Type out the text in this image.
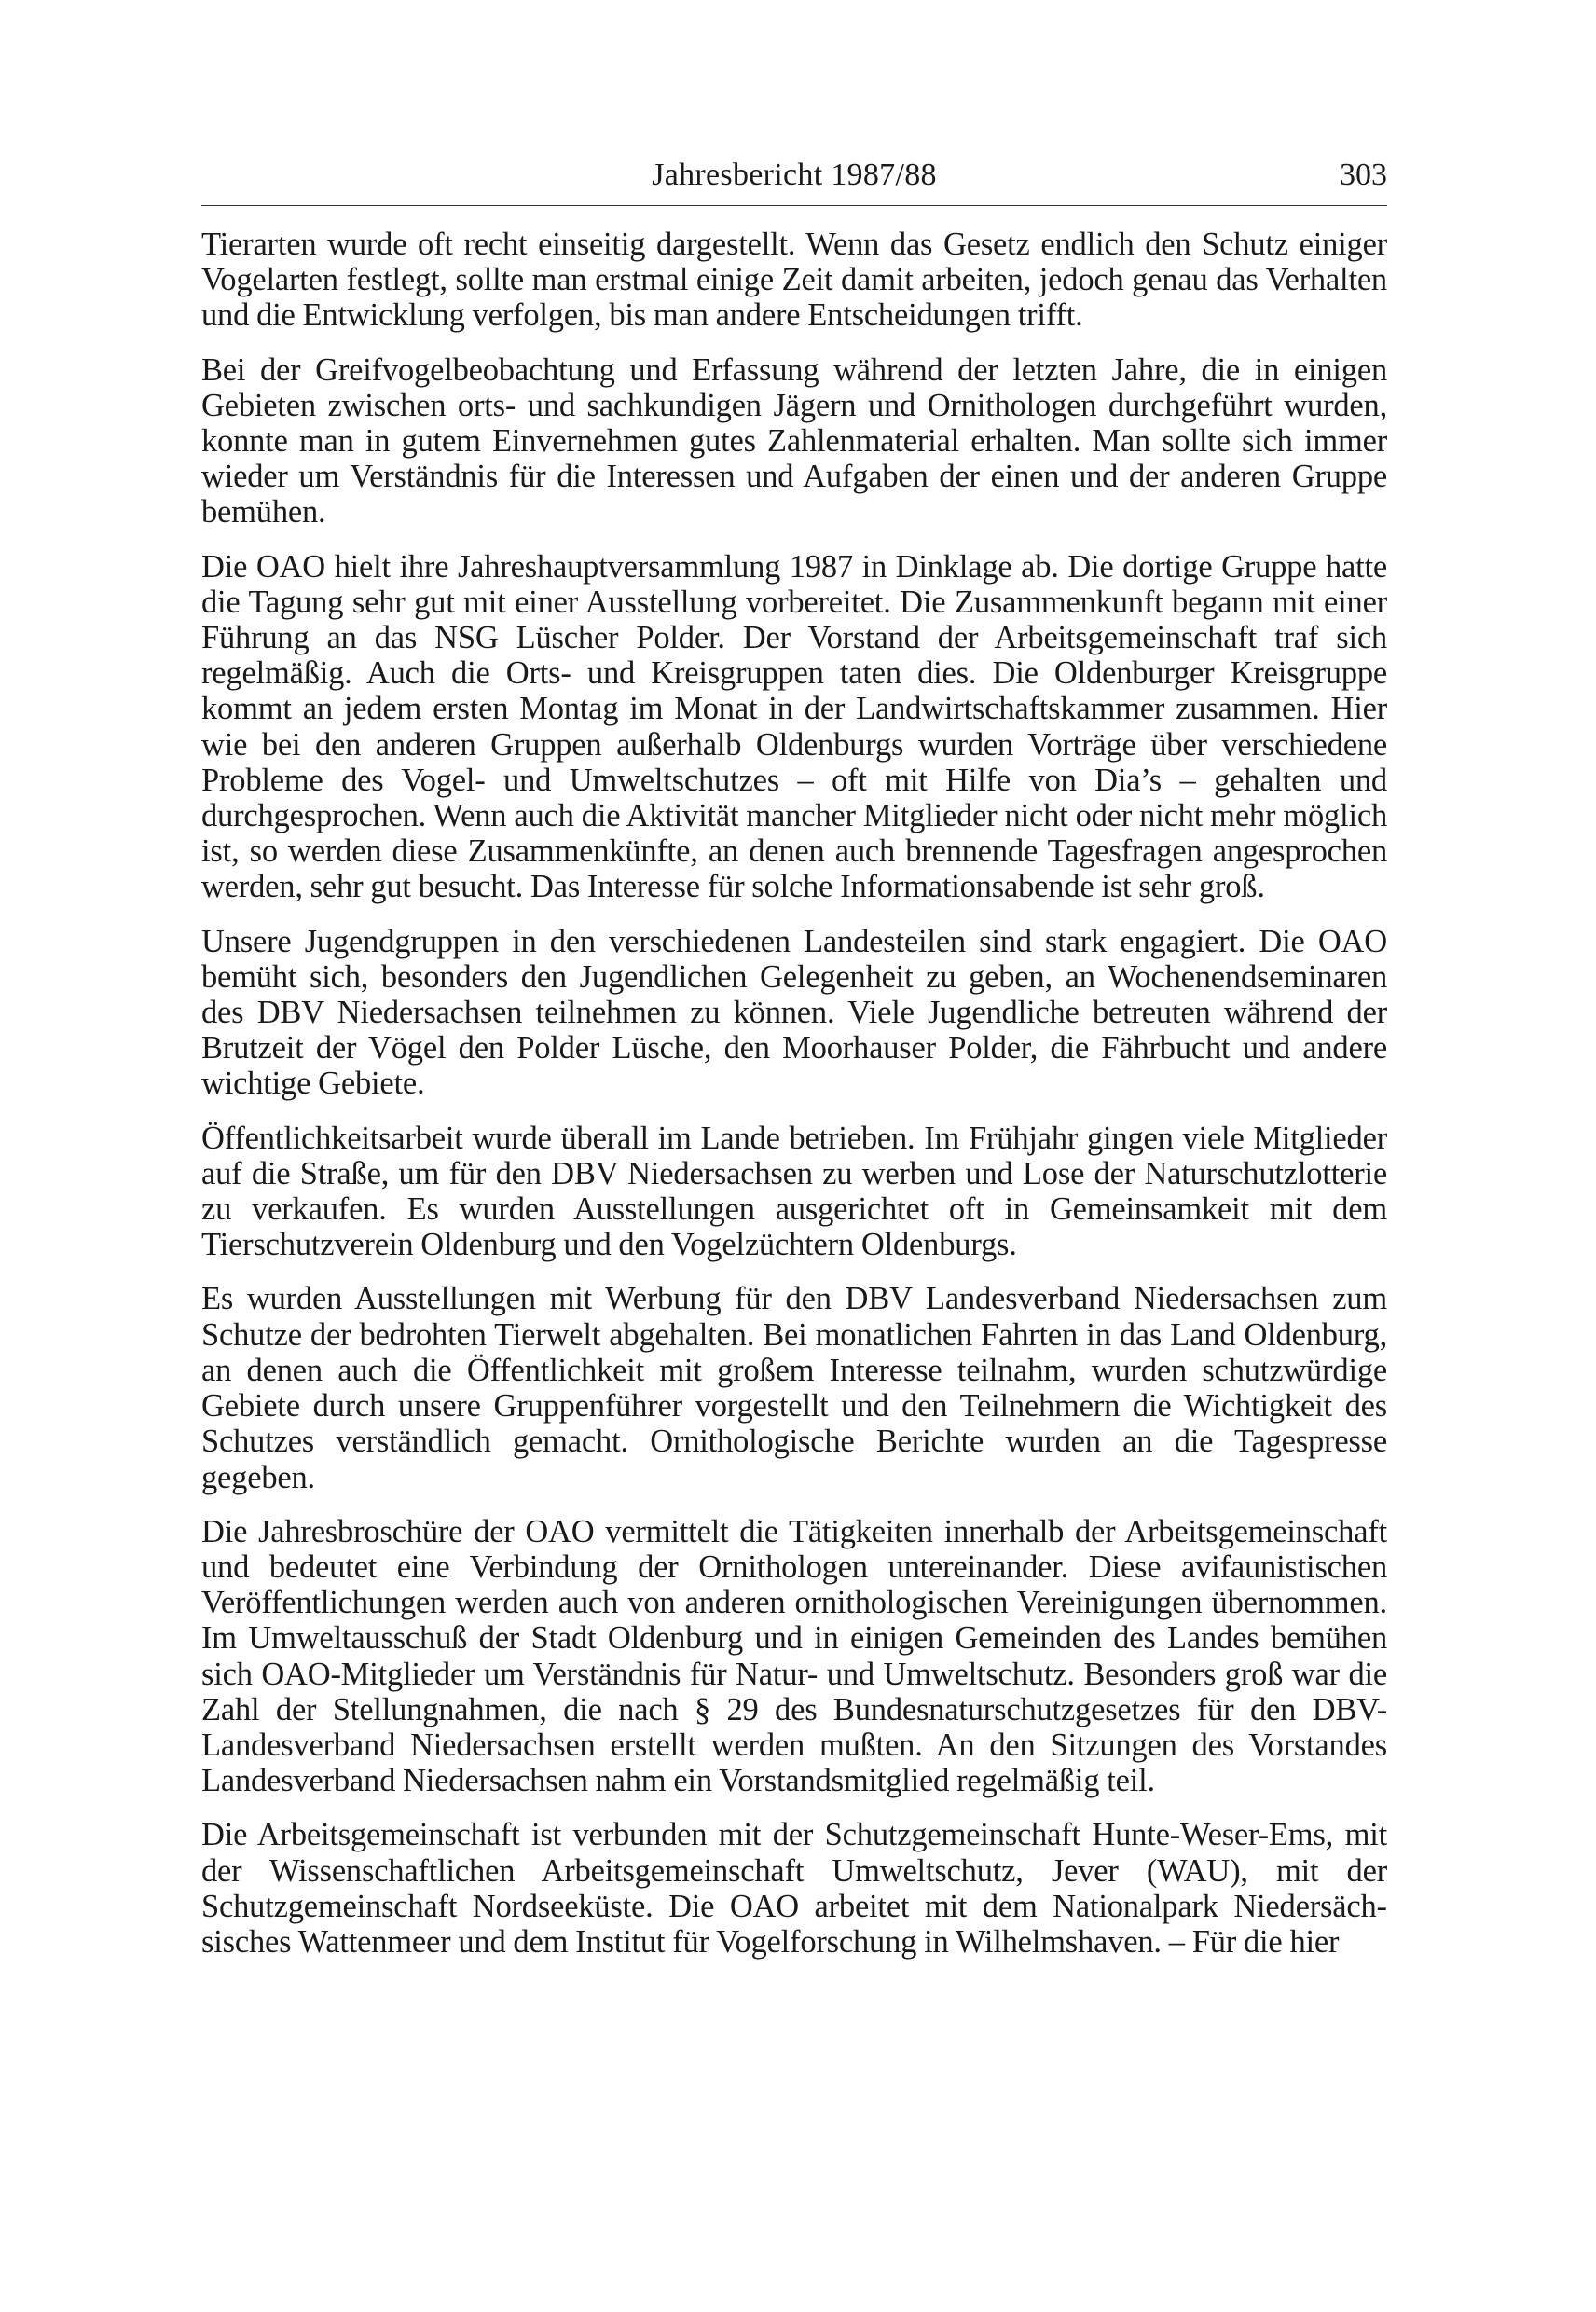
Jahresbericht 1987/88	303

Tierarten wurde oft recht einseitig dargestellt. Wenn das Gesetz endlich den Schutz einiger Vogelarten festlegt, sollte man erstmal einige Zeit damit arbeiten, jedoch genau das Verhalten und die Entwicklung verfolgen, bis man andere Entscheidungen trifft.

Bei der Greifvogelbeobachtung und Erfassung während der letzten Jahre, die in einigen Gebieten zwischen orts- und sachkundigen Jägern und Ornithologen durchgeführt wurden, konnte man in gutem Einvernehmen gutes Zahlenmaterial erhalten. Man sollte sich immer wieder um Verständnis für die Interessen und Aufgaben der einen und der anderen Gruppe bemühen.

Die OAO hielt ihre Jahreshauptversammlung 1987 in Dinklage ab. Die dortige Gruppe hatte die Tagung sehr gut mit einer Ausstellung vorbereitet. Die Zusammenkunft begann mit einer Führung an das NSG Lüscher Polder. Der Vorstand der Arbeitsgemeinschaft traf sich regelmäßig. Auch die Orts- und Kreisgruppen taten dies. Die Oldenburger Kreisgruppe kommt an jedem ersten Montag im Monat in der Landwirtschaftskammer zusammen. Hier wie bei den anderen Gruppen außerhalb Oldenburgs wurden Vorträge über verschiedene Probleme des Vogel- und Umweltschutzes – oft mit Hilfe von Dia’s – gehalten und durchgesprochen. Wenn auch die Aktivität mancher Mitglieder nicht oder nicht mehr möglich ist, so werden diese Zusammenkünfte, an denen auch brennende Tagesfragen angesprochen werden, sehr gut besucht. Das Interesse für solche Informationsabende ist sehr groß.

Unsere Jugendgruppen in den verschiedenen Landesteilen sind stark engagiert. Die OAO bemüht sich, besonders den Jugendlichen Gelegenheit zu geben, an Wochenendseminaren des DBV Niedersachsen teilnehmen zu können. Viele Jugendliche betreuten während der Brutzeit der Vögel den Polder Lüsche, den Moorhauser Polder, die Fährbucht und andere wichtige Gebiete.

Öffentlichkeitsarbeit wurde überall im Lande betrieben. Im Frühjahr gingen viele Mitglieder auf die Straße, um für den DBV Niedersachsen zu werben und Lose der Naturschutzlotterie zu verkaufen. Es wurden Ausstellungen ausgerichtet oft in Gemeinsamkeit mit dem Tierschutzverein Oldenburg und den Vogelzüchtern Oldenburgs.

Es wurden Ausstellungen mit Werbung für den DBV Landesverband Niedersachsen zum Schutze der bedrohten Tierwelt abgehalten. Bei monatlichen Fahrten in das Land Oldenburg, an denen auch die Öffentlichkeit mit großem Interesse teilnahm, wurden schutzwürdige Gebiete durch unsere Gruppenführer vorgestellt und den Teilnehmern die Wichtigkeit des Schutzes verständlich gemacht. Ornithologische Berichte wurden an die Tagespresse gegeben.

Die Jahresbroschüre der OAO vermittelt die Tätigkeiten innerhalb der Arbeitsgemeinschaft und bedeutet eine Verbindung der Ornithologen untereinander. Diese avifaunistischen Veröffentlichungen werden auch von anderen ornithologischen Vereinigungen übernommen. Im Umweltausschuß der Stadt Oldenburg und in einigen Gemeinden des Landes bemühen sich OAO-Mitglieder um Verständnis für Natur- und Umweltschutz. Besonders groß war die Zahl der Stellungnahmen, die nach § 29 des Bundesnaturschutzgesetzes für den DBV-Landesverband Niedersachsen erstellt werden mußten. An den Sitzungen des Vorstandes Landesverband Niedersachsen nahm ein Vorstandsmitglied regelmäßig teil.

Die Arbeitsgemeinschaft ist verbunden mit der Schutzgemeinschaft Hunte-Weser-Ems, mit der Wissenschaftlichen Arbeitsgemeinschaft Umweltschutz, Jever (WAU), mit der Schutzgemeinschaft Nordseeküste. Die OAO arbeitet mit dem Nationalpark Niedersächsisches Wattenmeer und dem Institut für Vogelforschung in Wilhelmshaven. – Für die hier
